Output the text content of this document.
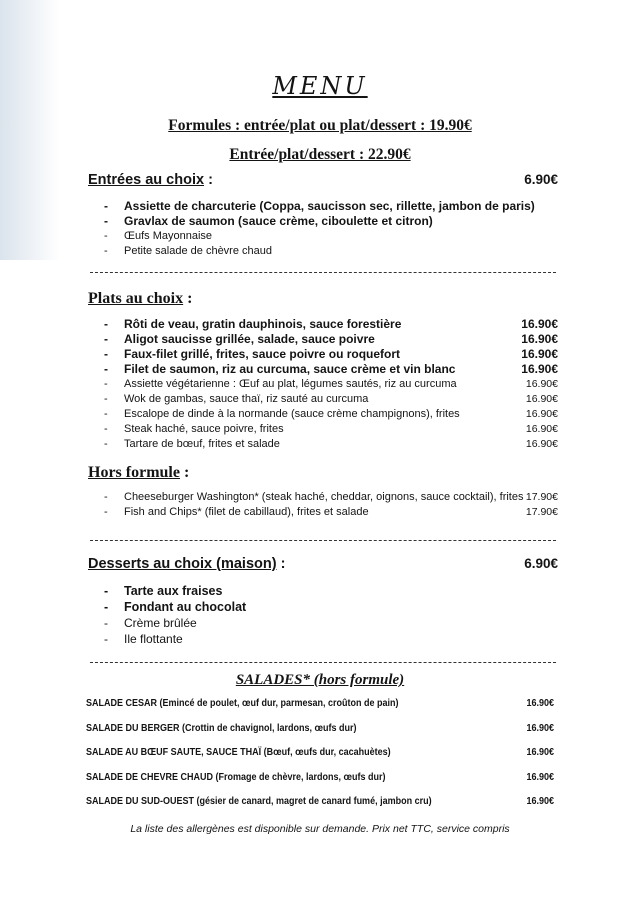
MENU
Formules : entrée/plat ou plat/dessert : 19.90€
Entrée/plat/dessert : 22.90€
Entrées au choix :	6.90€
-	Assiette de charcuterie (Coppa, saucisson sec, rillette, jambon de paris)
-	Gravlax de saumon (sauce crème, ciboulette et citron)
-	Œufs Mayonnaise
-	Petite salade de chèvre chaud
Plats au choix :
-	Rôti de veau, gratin dauphinois, sauce forestière	16.90€
-	Aligot saucisse grillée, salade, sauce poivre	16.90€
-	Faux-filet grillé, frites, sauce poivre ou roquefort	16.90€
-	Filet de saumon, riz au curcuma, sauce crème et vin blanc	16.90€
-	Assiette végétarienne : Œuf au plat, légumes sautés, riz au curcuma	16.90€
-	Wok de gambas, sauce thaï, riz sauté au curcuma	16.90€
-	Escalope de dinde à la normande (sauce crème champignons), frites	16.90€
-	Steak haché, sauce poivre, frites	16.90€
-	Tartare de bœuf, frites et salade	16.90€
Hors formule :
-	Cheeseburger Washington* (steak haché, cheddar, oignons, sauce cocktail), frites 17.90€
-	Fish and Chips* (filet de cabillaud), frites et salade	17.90€
Desserts au choix (maison) :	6.90€
-	Tarte aux fraises
-	Fondant au chocolat
-	Crème brûlée
-	Ile flottante
SALADES* (hors formule)
SALADE CESAR (Emincé de poulet, œuf dur, parmesan, croûton de pain)	16.90€
SALADE DU BERGER (Crottin de chavignol, lardons, œufs dur)	16.90€
SALADE AU BŒUF SAUTE, SAUCE THAÏ (Bœuf, œufs dur, cacahuètes)	16.90€
SALADE DE CHEVRE CHAUD (Fromage de chèvre, lardons, œufs dur)	16.90€
SALADE DU SUD-OUEST (gésier de canard, magret de canard fumé, jambon cru)	16.90€
La liste des allergènes est disponible sur demande. Prix net TTC, service compris
